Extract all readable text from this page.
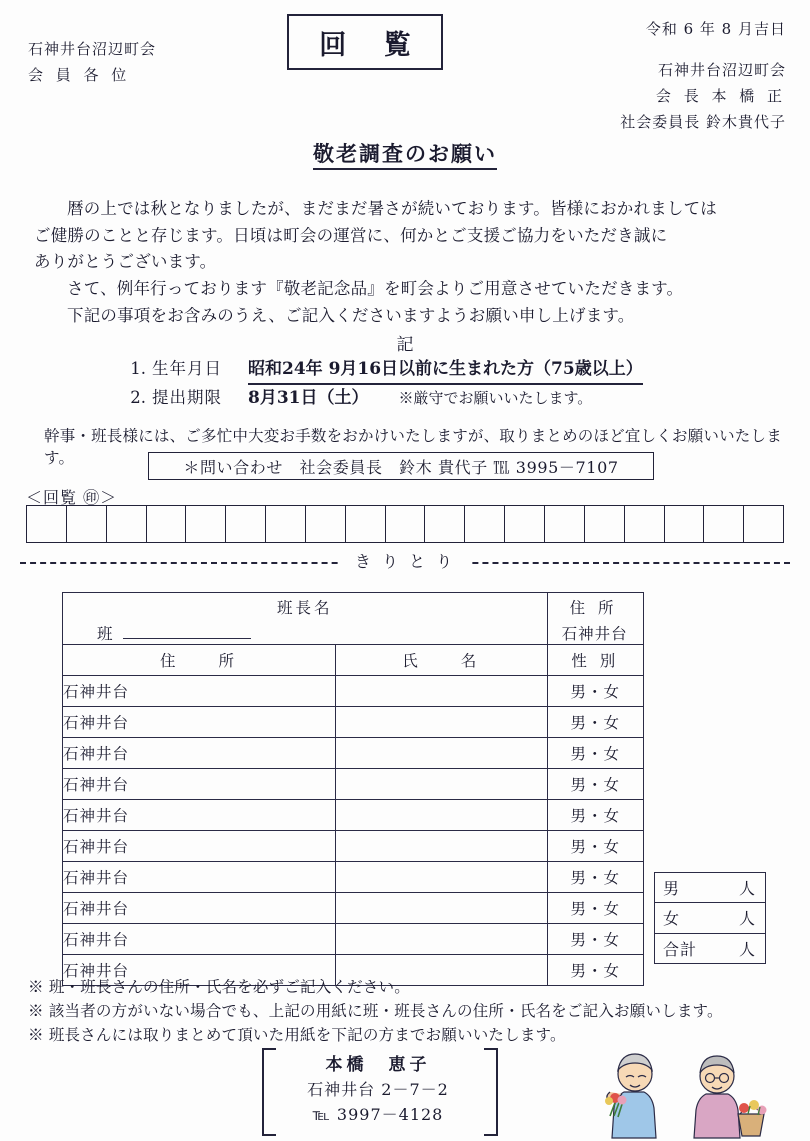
石神井台沼辺町会
会 員 各 位
回 覧
令和 6 年 8 月吉日
石神井台沼辺町会
会 長 本 橋 正
社会委員長 鈴木貴代子
敬老調査のお願い

暦の上では秋となりましたが、まだまだ暑さが続いております。皆様におかれましては

ご健勝のことと存じます。日頃は町会の運営に、何かとご支援ご協力をいただき誠に

ありがとうございます。

さて、例年行っております『敬老記念品』を町会よりご用意させていただきます。

下記の事項をお含みのうえ、ご記入くださいますようお願い申し上げます。

記
1. 生年月日	昭和24年 9月16日以前に生まれた方（75歳以上）
2. 提出期限	8月31日（土） ※厳守でお願いいたします。
幹事・班長様には、ご多忙中大変お手数をおかけいたしますが、取りまとめのほど宜しくお願いいたします。	＊問い合わせ　社会委員長　鈴木 貴代子 ℡ 3995－7107
＜回覧 ㊞＞
き り と り
班長名
班

住 所
石神井台

住　　所	氏　　名	性 別
石神井台		男・女
石神井台		男・女
石神井台		男・女
石神井台		男・女
石神井台		男・女
石神井台		男・女
石神井台		男・女
石神井台		男・女
石神井台		男・女
石神井台		男・女
男	人
女	人
合計	人
※ 班・班長さんの住所・氏名を必ずご記入ください。
※ 該当者の方がいない場合でも、上記の用紙に班・班長さんの住所・氏名をご記入お願いします。
※ 班長さんには取りまとめて頂いた用紙を下記の方までお願いいたします。
本橋　恵子
石神井台 2－7－2
℡ 3997－4128
